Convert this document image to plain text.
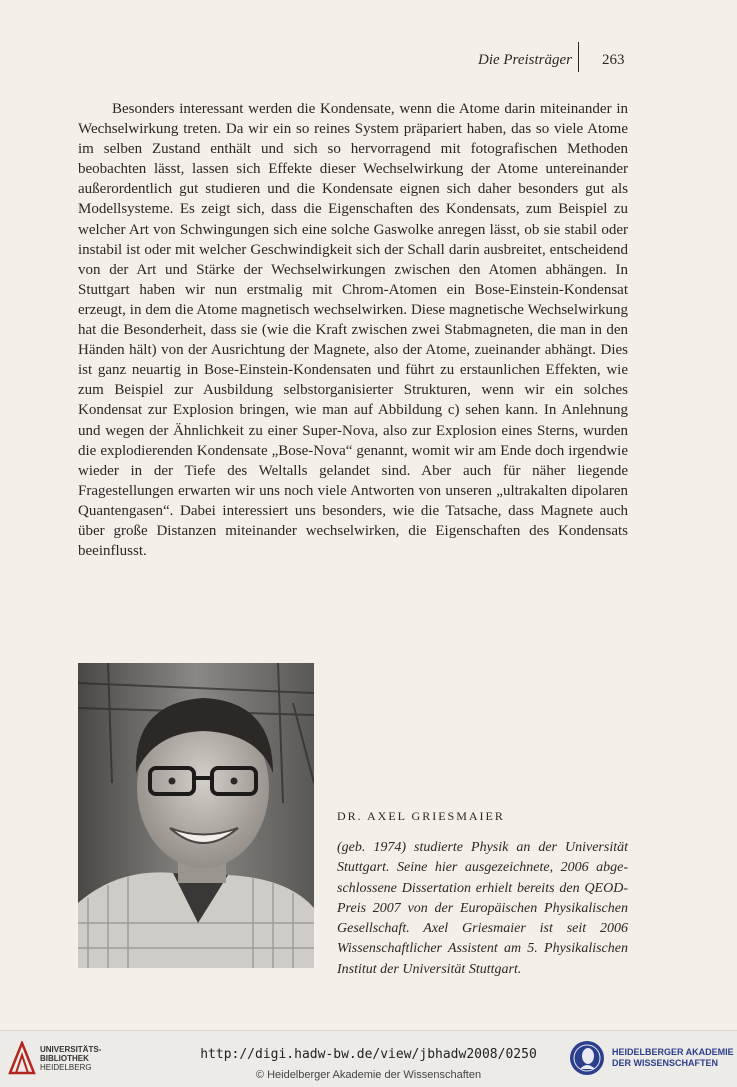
Die Preisträger 263

Besonders interessant werden die Kondensate, wenn die Atome darin miteinander in Wechselwirkung treten. Da wir ein so reines System präpariert haben, das so viele Atome im selben Zustand enthält und sich so hervorragend mit fotografischen Methoden beobachten lässt, lassen sich Effekte dieser Wechselwirkung der Atome untereinander außerordentlich gut studieren und die Kondensate eignen sich daher besonders gut als Modellsysteme. Es zeigt sich, dass die Eigenschaften des Kondensats, zum Beispiel zu welcher Art von Schwingungen sich eine solche Gaswolke anregen lässt, ob sie stabil oder instabil ist oder mit welcher Geschwindigkeit sich der Schall darin ausbreitet, entscheidend von der Art und Stärke der Wechselwirkungen zwischen den Atomen abhängen. In Stuttgart haben wir nun erstmalig mit Chrom-Atomen ein Bose-Einstein-Kondensat erzeugt, in dem die Atome magnetisch wechselwirken. Diese magnetische Wechselwirkung hat die Besonderheit, dass sie (wie die Kraft zwischen zwei Stabmagneten, die man in den Händen hält) von der Ausrichtung der Magnete, also der Atome, zueinander abhängt. Dies ist ganz neuartig in Bose-Einstein-Kondensaten und führt zu erstaunlichen Effekten, wie zum Beispiel zur Ausbildung selbstorganisierter Strukturen, wenn wir ein solches Kondensat zur Explosion bringen, wie man auf Abbildung c) sehen kann. In Anlehnung und wegen der Ähnlichkeit zu einer Super-Nova, also zur Explosion eines Sterns, wurden die explodierenden Kondensate „Bose-Nova“ genannt, womit wir am Ende doch irgendwie wieder in der Tiefe des Weltalls gelandet sind. Aber auch für näher liegende Fragestellungen erwarten wir uns noch viele Antworten von unseren „ultrakalten dipolaren Quantengasen“. Dabei interessiert uns besonders, wie die Tatsache, dass Magnete auch über große Distanzen miteinander wechselwirken, die Eigenschaften des Kondensats beeinflusst.

DR. AXEL GRIESMAIER

(geb. 1974) studierte Physik an der Universität Stuttgart. Seine hier ausgezeichnete, 2006 abgeschlossene Dissertation erhielt bereits den QEOD-Preis 2007 von der Europäischen Physikalischen Gesellschaft. Axel Griesmaier ist seit 2006 Wissenschaftlicher Assistent am 5. Physikalischen Institut der Universität Stuttgart.

UNIVERSITÄTS-
BIBLIOTHEK
HEIDELBERG
http://digi.hadw-bw.de/view/jbhadw2008/0250
© Heidelberger Akademie der Wissenschaften
HEIDELBERGER AKADEMIE
DER WISSENSCHAFTEN
